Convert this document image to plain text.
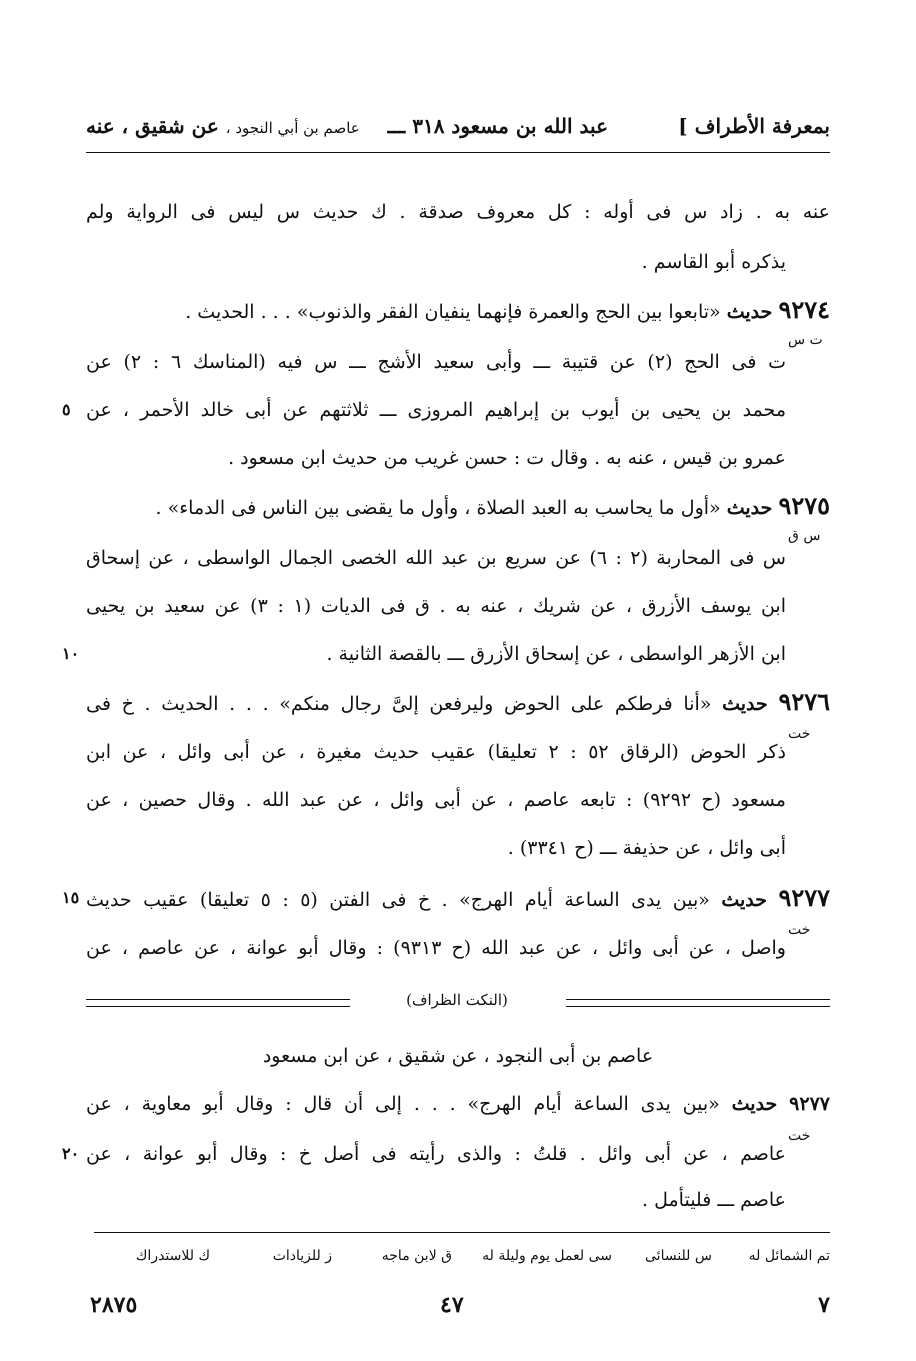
بمعرفة الأطراف ]
عبد الله بن مسعود ٣١٨ ـــ
عاصم بن أبي النجود ، عن شقيق ، عنه
عنه به . زاد س فى أوله : كل معروف صدقة . ك حديث س ليس فى الرواية ولم
يذكره أبو القاسم .
٩٢٧٤ حديث «تابعوا بين الحج والعمرة فإنهما ينفيان الفقر والذنوب» . . . الحديث .
ت س
ت فى الحج (٢) عن قتيبة ـــ وأبى سعيد الأشج ـــ س فيه (المناسك ٦ : ٢) عن
محمد بن يحيى بن أيوب بن إبراهيم المروزى ـــ ثلاثتهم عن أبى خالد الأحمر ، عن
٥
عمرو بن قيس ، عنه به . وقال ت : حسن غريب من حديث ابن مسعود .
٩٢٧٥ حديث «أول ما يحاسب به العبد الصلاة ، وأول ما يقضى بين الناس فى الدماء» .
س ق
س فى المحاربة (٢ : ٦) عن سريع بن عبد الله الخصى الجمال الواسطى ، عن إسحاق
ابن يوسف الأزرق ، عن شريك ، عنه به . ق فى الديات (١ : ٣) عن سعيد بن يحيى
ابن الأزهر الواسطى ، عن إسحاق الأزرق ـــ بالقصة الثانية .
١٠
٩٢٧٦ حديث «أنا فرطكم على الحوض وليرفعن إلىَّ رجال منكم» . . . الحديث . خ فى
خت
ذكر الحوض (الرقاق ٥٢ : ٢ تعليقا) عقيب حديث مغيرة ، عن أبى وائل ، عن ابن
مسعود (ح ٩٢٩٢) : تابعه عاصم ، عن أبى وائل ، عن عبد الله . وقال حصين ، عن
أبى وائل ، عن حذيفة ـــ (ح ٣٣٤١) .
٩٢٧٧ حديث «بين يدى الساعة أيام الهرج» . خ فى الفتن (٥ : ٥ تعليقا) عقيب حديث
١٥
خت
واصل ، عن أبى وائل ، عن عبد الله (ح ٩٣١٣) : وقال أبو عوانة ، عن عاصم ، عن
(النكت الظراف)
عاصم بن أبى النجود ، عن شقيق ، عن ابن مسعود
٩٢٧٧ حديث «بين يدى الساعة أيام الهرج» . . . إلى أن قال : وقال أبو معاوية ، عن
خت
عاصم ، عن أبى وائل . قلتُ : والذى رأيته فى أصل خ : وقال أبو عوانة ، عن
٢٠
عاصم ـــ فليتأمل .
تم الشمائل له
س للنسائى
سى لعمل يوم وليلة له
ق لابن ماجه
ز للزيادات
ك للاستدراك
٧
٤٧
٢٨٧٥
